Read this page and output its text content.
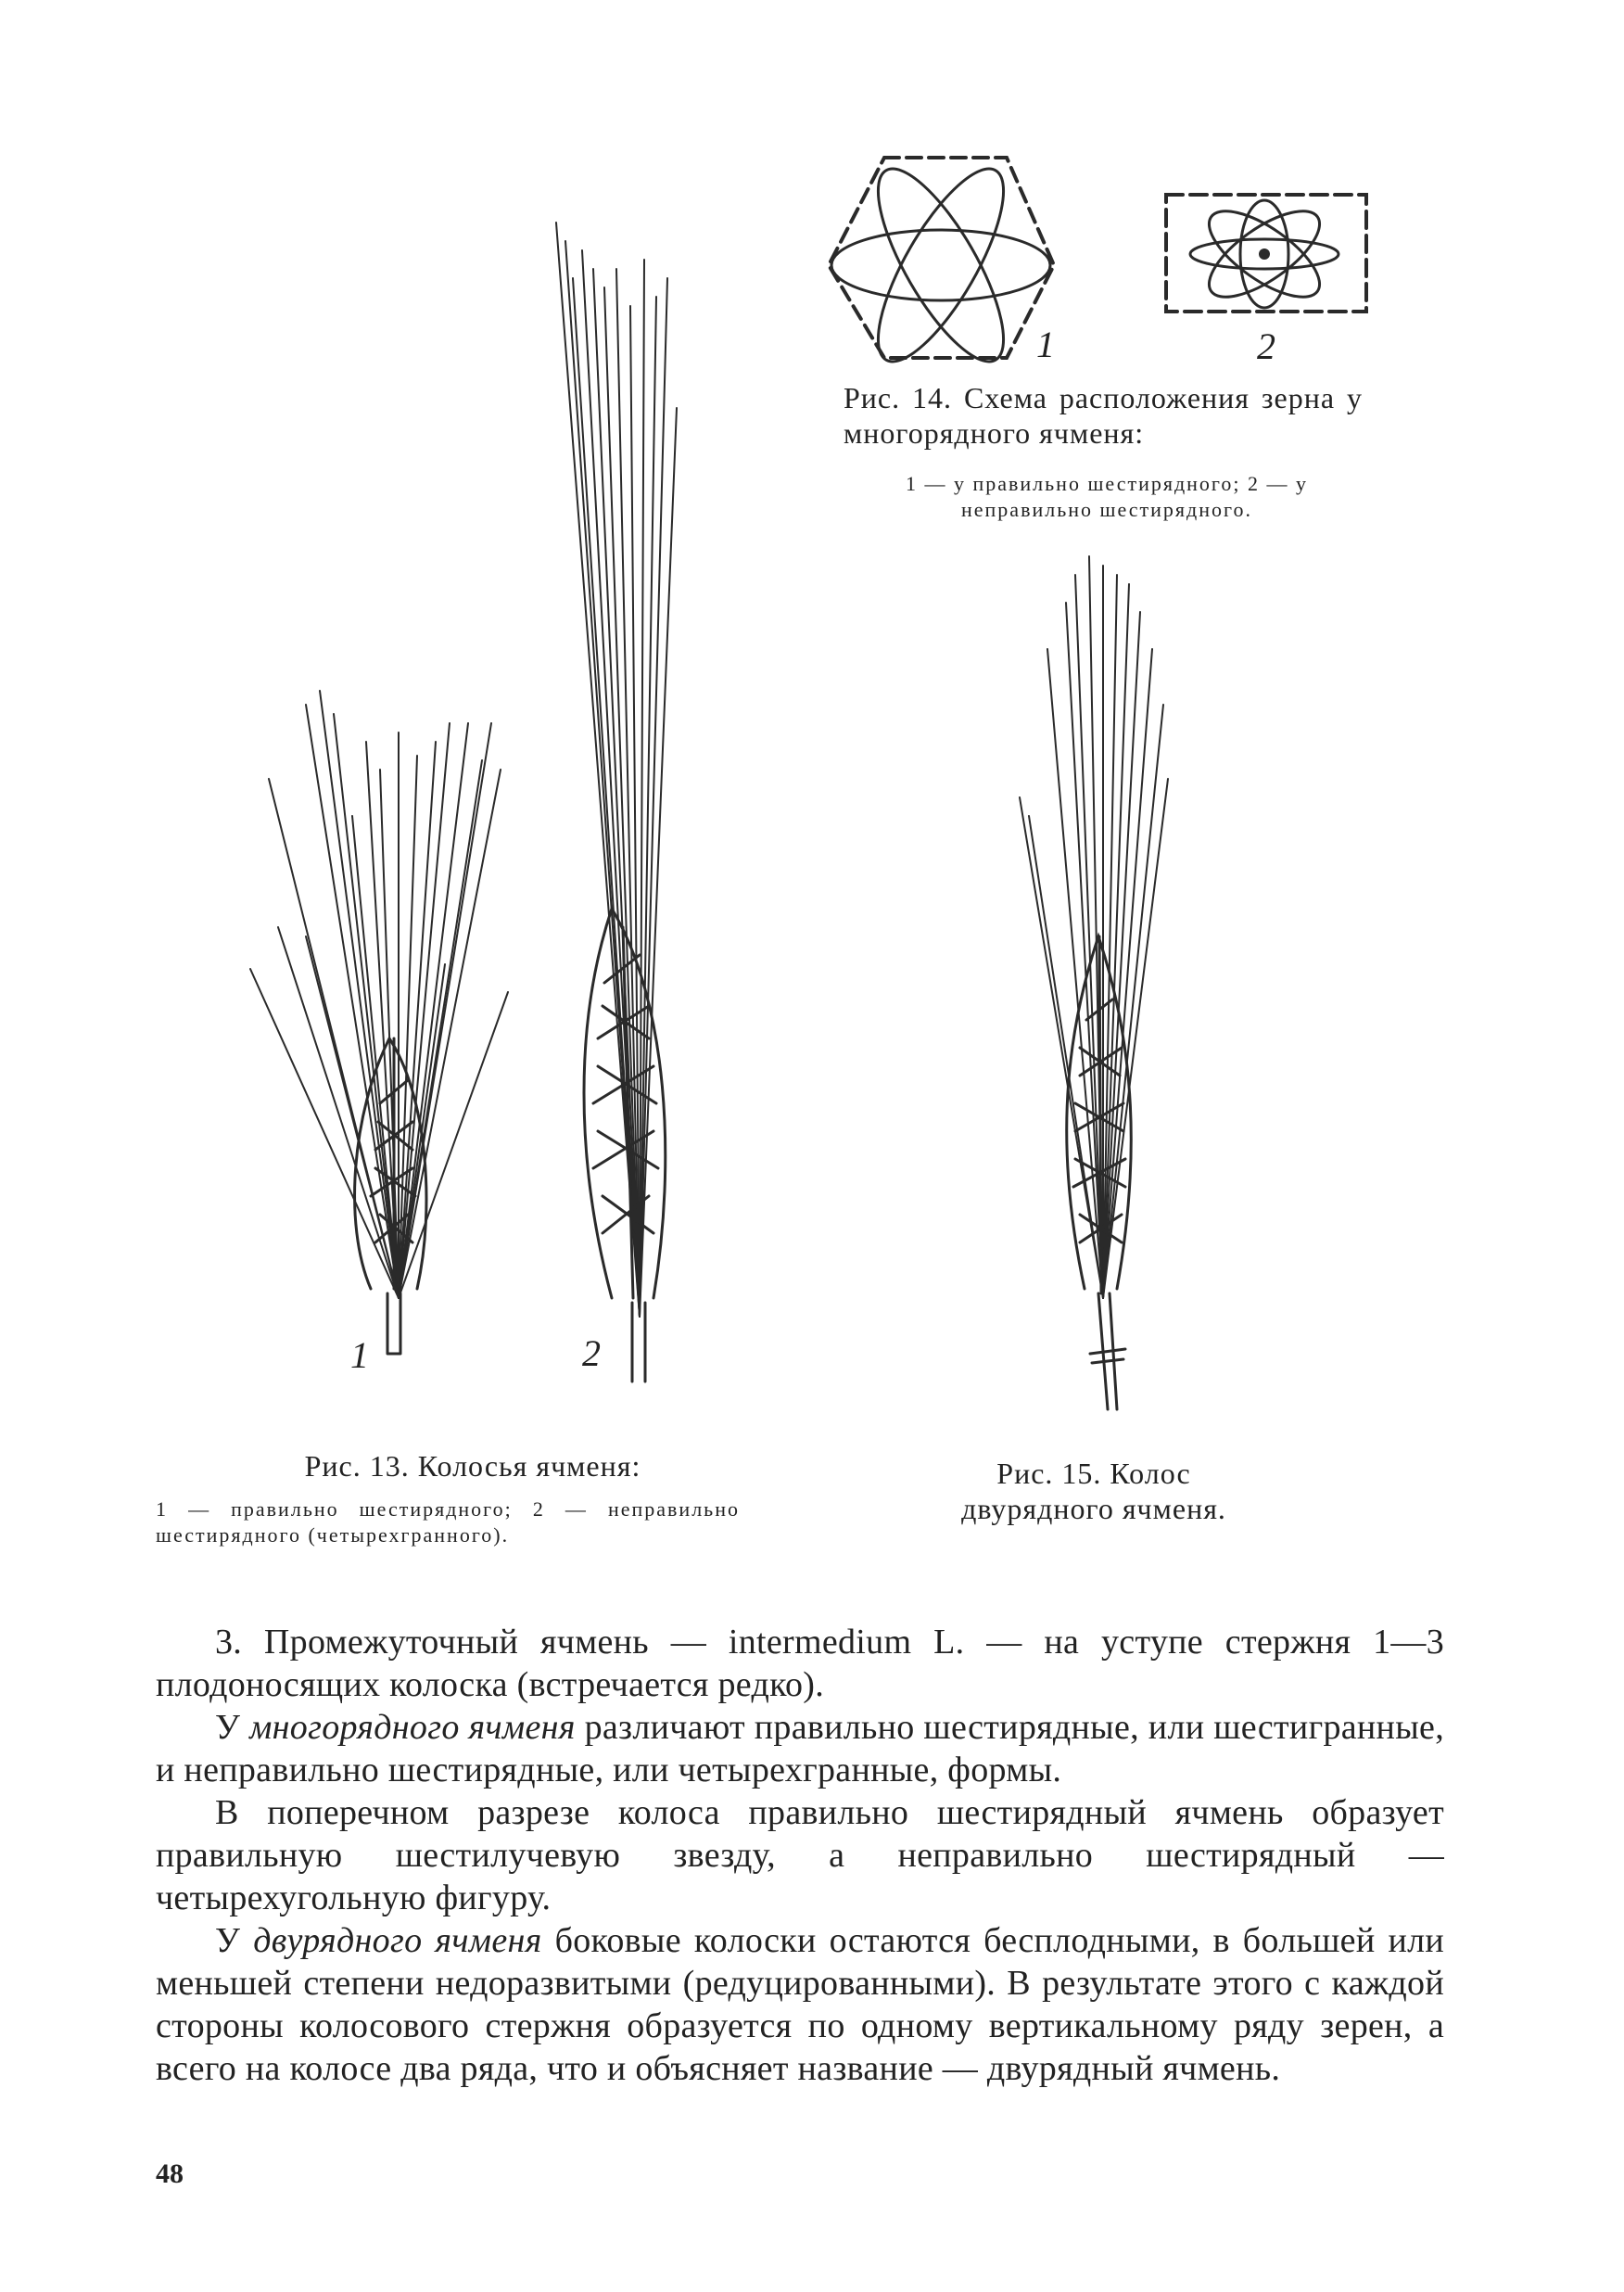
1	2
Рис. 14. Схема расположения зерна у многорядного ячменя:
1 — у правильно шестирядного; 2 — у неправильно шестирядного.
1	2
Рис. 13. Колосья ячменя:
1 — правильно шестирядного; 2 — неправильно шестирядного (четырехгранного).
Рис. 15. Колос двурядного ячменя.

3. Промежуточный ячмень — intermedium L. — на уступе стержня 1—3 плодоносящих колоска (встречается редко).

У многорядного ячменя различают правильно шестирядные, или шестигранные, и неправильно шестирядные, или четырехгранные, формы.

В поперечном разрезе колоса правильно шестирядный ячмень образует правильную шестилучевую звезду, а неправильно шестирядный — четырехугольную фигуру.

У двурядного ячменя боковые колоски остаются бесплодными, в большей или меньшей степени недоразвитыми (редуцированными). В результате этого с каждой стороны колосового стержня образуется по одному вертикальному ряду зерен, а всего на колосе два ряда, что и объясняет название — двурядный ячмень.

48
